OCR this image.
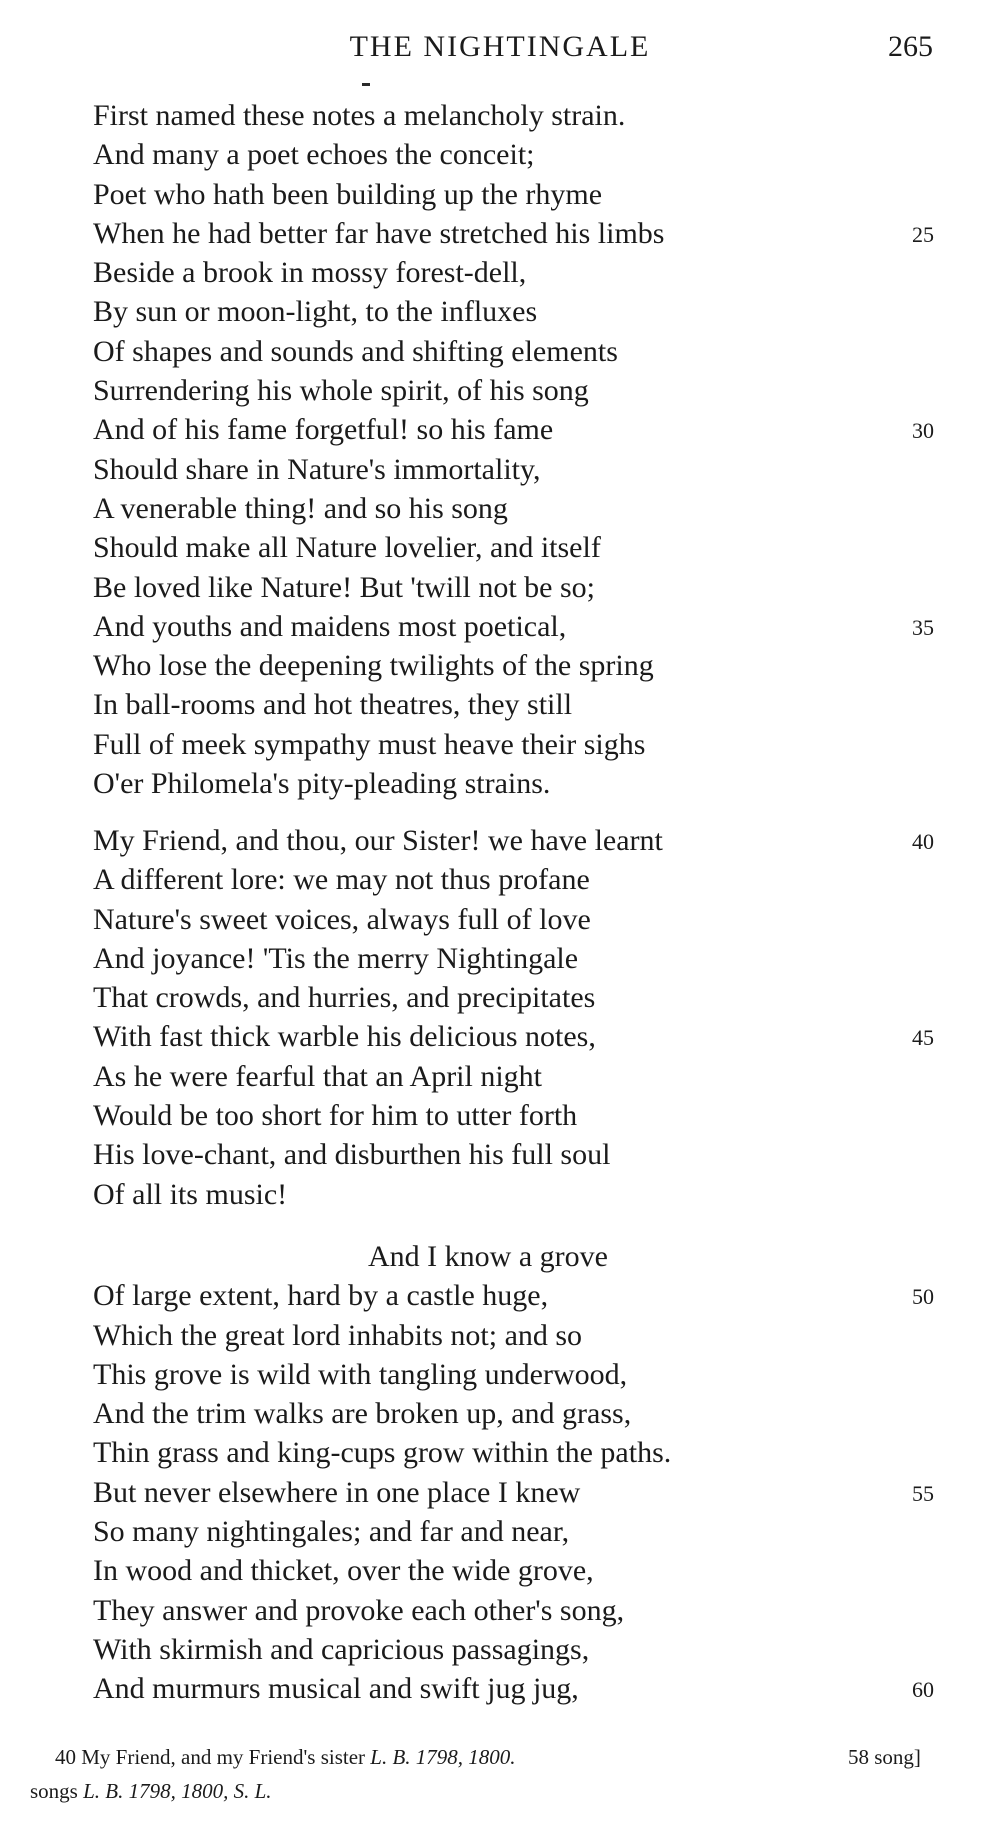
THE NIGHTINGALE	265
First named these notes a melancholy strain.
And many a poet echoes the conceit;
Poet who hath been building up the rhyme
When he had better far have stretched his limbs	25
Beside a brook in mossy forest-dell,
By sun or moon-light, to the influxes
Of shapes and sounds and shifting elements
Surrendering his whole spirit, of his song
And of his fame forgetful! so his fame	30
Should share in Nature's immortality,
A venerable thing! and so his song
Should make all Nature lovelier, and itself
Be loved like Nature! But 'twill not be so;
And youths and maidens most poetical,	35
Who lose the deepening twilights of the spring
In ball-rooms and hot theatres, they still
Full of meek sympathy must heave their sighs
O'er Philomela's pity-pleading strains.
My Friend, and thou, our Sister! we have learnt	40
A different lore: we may not thus profane
Nature's sweet voices, always full of love
And joyance! 'Tis the merry Nightingale
That crowds, and hurries, and precipitates
With fast thick warble his delicious notes,	45
As he were fearful that an April night
Would be too short for him to utter forth
His love-chant, and disburthen his full soul
Of all its music!
And I know a grove
Of large extent, hard by a castle huge,	50
Which the great lord inhabits not; and so
This grove is wild with tangling underwood,
And the trim walks are broken up, and grass,
Thin grass and king-cups grow within the paths.
But never elsewhere in one place I knew	55
So many nightingales; and far and near,
In wood and thicket, over the wide grove,
They answer and provoke each other's song,
With skirmish and capricious passagings,
And murmurs musical and swift jug jug,	60
40 My Friend, and my Friend's sister L. B. 1798, 1800.	58 song]
songs L. B. 1798, 1800, S. L.
